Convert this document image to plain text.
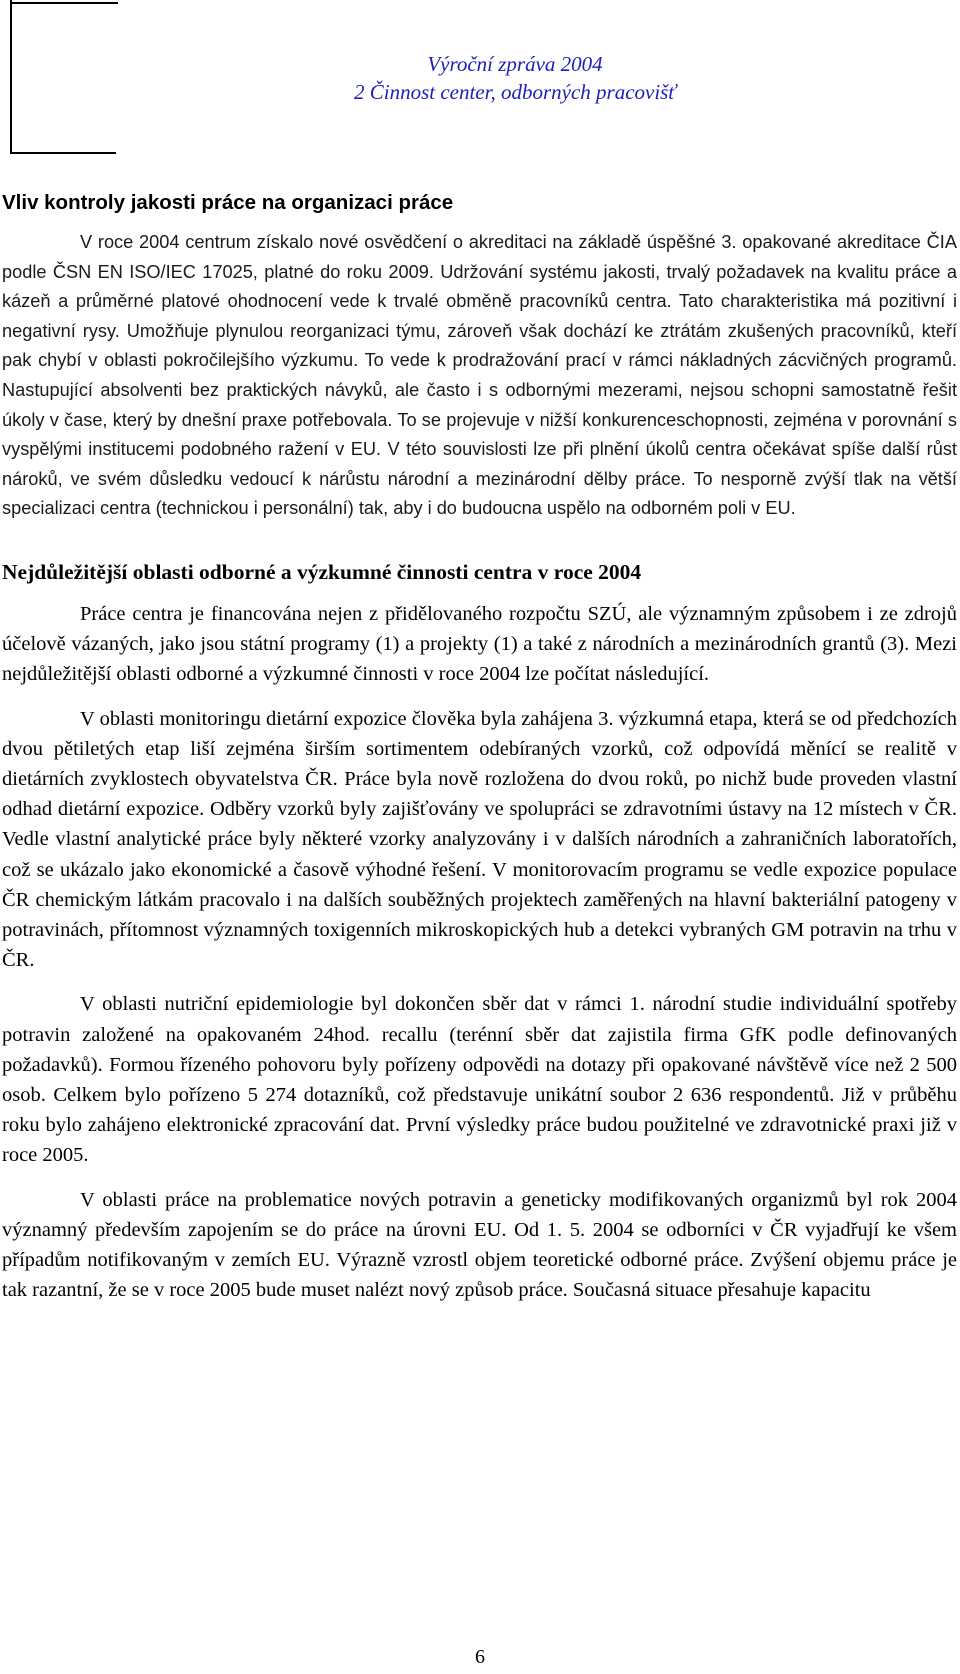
Výroční zpráva 2004
2 Činnost center, odborných pracovišť
Vliv kontroly jakosti práce na organizaci práce

V roce 2004 centrum získalo nové osvědčení o akreditaci na základě úspěšné 3. opakované akreditace ČIA podle ČSN EN ISO/IEC 17025, platné do roku 2009. Udržování systému jakosti, trvalý požadavek na kvalitu práce a kázeň a průměrné platové ohodnocení vede k trvalé obměně pracovníků centra. Tato charakteristika má pozitivní i negativní rysy. Umožňuje plynulou reorganizaci týmu, zároveň však dochází ke ztrátám zkušených pracovníků, kteří pak chybí v oblasti pokročilejšího výzkumu. To vede k prodražování prací v rámci nákladných zácvičných programů. Nastupující absolventi bez praktických návyků, ale často i s odbornými mezerami, nejsou schopni samostatně řešit úkoly v čase, který by dnešní praxe potřebovala. To se projevuje v nižší konkurenceschopnosti, zejména v porovnání s vyspělými institucemi podobného ražení v EU. V této souvislosti lze při plnění úkolů centra očekávat spíše další růst nároků, ve svém důsledku vedoucí k nárůstu národní a mezinárodní dělby práce. To nesporně zvýší tlak na větší specializaci centra (technickou i personální) tak, aby i do budoucna uspělo na odborném poli v EU.

Nejdůležitější oblasti odborné a výzkumné činnosti centra v roce 2004

Práce centra je financována nejen z přidělovaného rozpočtu SZÚ, ale významným způsobem i ze zdrojů účelově vázaných, jako jsou státní programy (1) a projekty (1) a také z národních a mezinárodních grantů (3). Mezi nejdůležitější oblasti odborné a výzkumné činnosti v roce 2004 lze počítat následující.

V oblasti monitoringu dietární expozice člověka byla zahájena 3. výzkumná etapa, která se od předchozích dvou pětiletých etap liší zejména širším sortimentem odebíraných vzorků, což odpovídá měnící se realitě v dietárních zvyklostech obyvatelstva ČR. Práce byla nově rozložena do dvou roků, po nichž bude proveden vlastní odhad dietární expozice. Odběry vzorků byly zajišťovány ve spolupráci se zdravotními ústavy na 12 místech v ČR. Vedle vlastní analytické práce byly některé vzorky analyzovány i v dalších národních a zahraničních laboratořích, což se ukázalo jako ekonomické a časově výhodné řešení. V monitorovacím programu se vedle expozice populace ČR chemickým látkám pracovalo i na dalších souběžných projektech zaměřených na hlavní bakteriální patogeny v potravinách, přítomnost významných toxigenních mikroskopických hub a detekci vybraných GM potravin na trhu v ČR.

V oblasti nutriční epidemiologie byl dokončen sběr dat v rámci 1. národní studie individuální spotřeby potravin založené na opakovaném 24hod. recallu (terénní sběr dat zajistila firma GfK podle definovaných požadavků). Formou řízeného pohovoru byly pořízeny odpovědi na dotazy při opakované návštěvě více než 2 500 osob. Celkem bylo pořízeno 5 274 dotazníků, což představuje unikátní soubor 2 636 respondentů. Již v průběhu roku bylo zahájeno elektronické zpracování dat. První výsledky práce budou použitelné ve zdravotnické praxi již v roce 2005.

V oblasti práce na problematice nových potravin a geneticky modifikovaných organizmů byl rok 2004 významný především zapojením se do práce na úrovni EU. Od 1. 5. 2004 se odborníci v ČR vyjadřují ke všem případům notifikovaným v zemích EU. Výrazně vzrostl objem teoretické odborné práce. Zvýšení objemu práce je tak razantní, že se v roce 2005 bude muset nalézt nový způsob práce. Současná situace přesahuje kapacitu

6
